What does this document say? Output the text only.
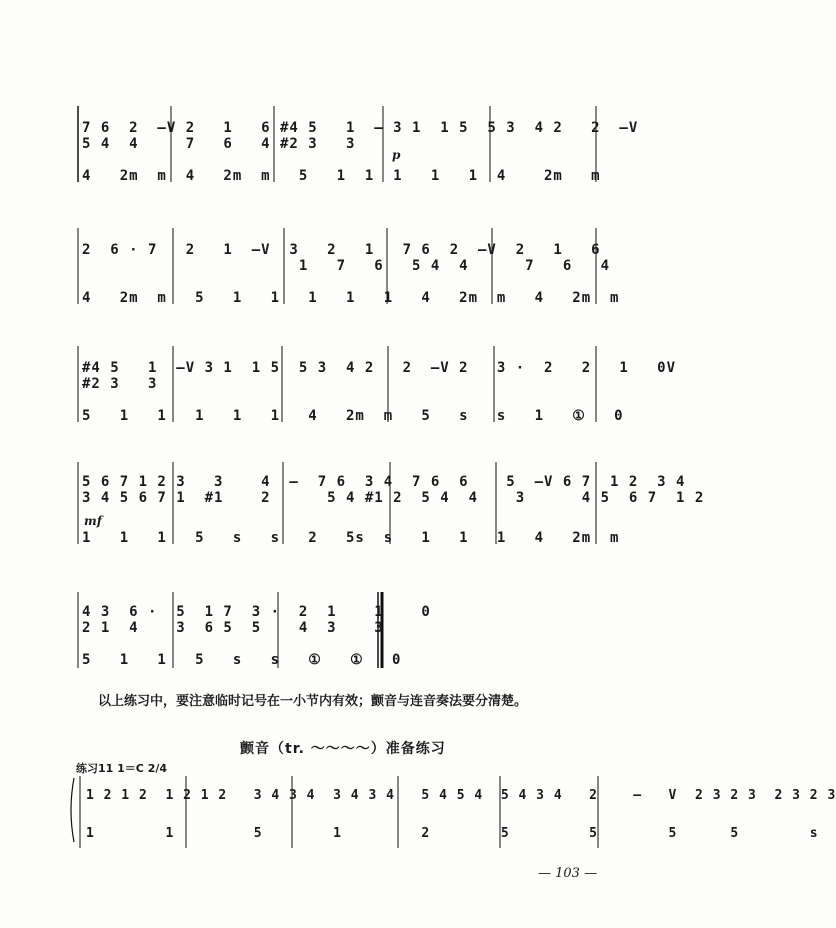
7 6  2  —V 2   1   6 #4 5   1  — 3 1  1 5  5 3  4 2   2  —V
5 4  4     7   6   4 #2 3   3
p
4   2m  m  4   2m  m   5   1  1  1   1   1  4    2m   m
2  6 · 7   2   1  —V  3   2   1   7 6  2  —V  2   1   6
1   7   6   5 4  4      7   6   4
4   2m  m   5   1   1   1   1   1   4   2m  m   4   2m  m
#4 5   1  —V 3 1  1 5  5 3  4 2   2  —V 2   3 ·  2   2   1   0V
#2 3   3
5   1   1   1   1   1   4   2m  m   5   s   s   1   ①   0
5 6 7 1 2 3   3    4  —  7 6  3 4  7 6  6    5  —V 6 7  1 2  3 4
3 4 5 6 7 1  #1    2      5 4 #1 2  5 4  4    3      4 5  6 7  1 2
mf
1   1   1   5   s   s   2   5s  s   1   1   1   4   2m  m
4 3  6 ·  5  1 7  3 ·  2  1    1    0
2 1  4    3  6 5  5    4  3    3
5   1   1   5   s   s   ①   ①   0
以上练习中，要注意临时记号在一小节内有效；颤音与连音奏法要分清楚。
颤音（tr. ～～～～）准备练习
练习11 1＝C 2/4
1 2 1 2  1 2 1 2   3 4 3 4  3 4 3 4   5 4 5 4  5 4 3 4   2    —   V  2 3 2 3  2 3 2 3
1        1         5        1         2        5         5        5      5        s
— 103 —
